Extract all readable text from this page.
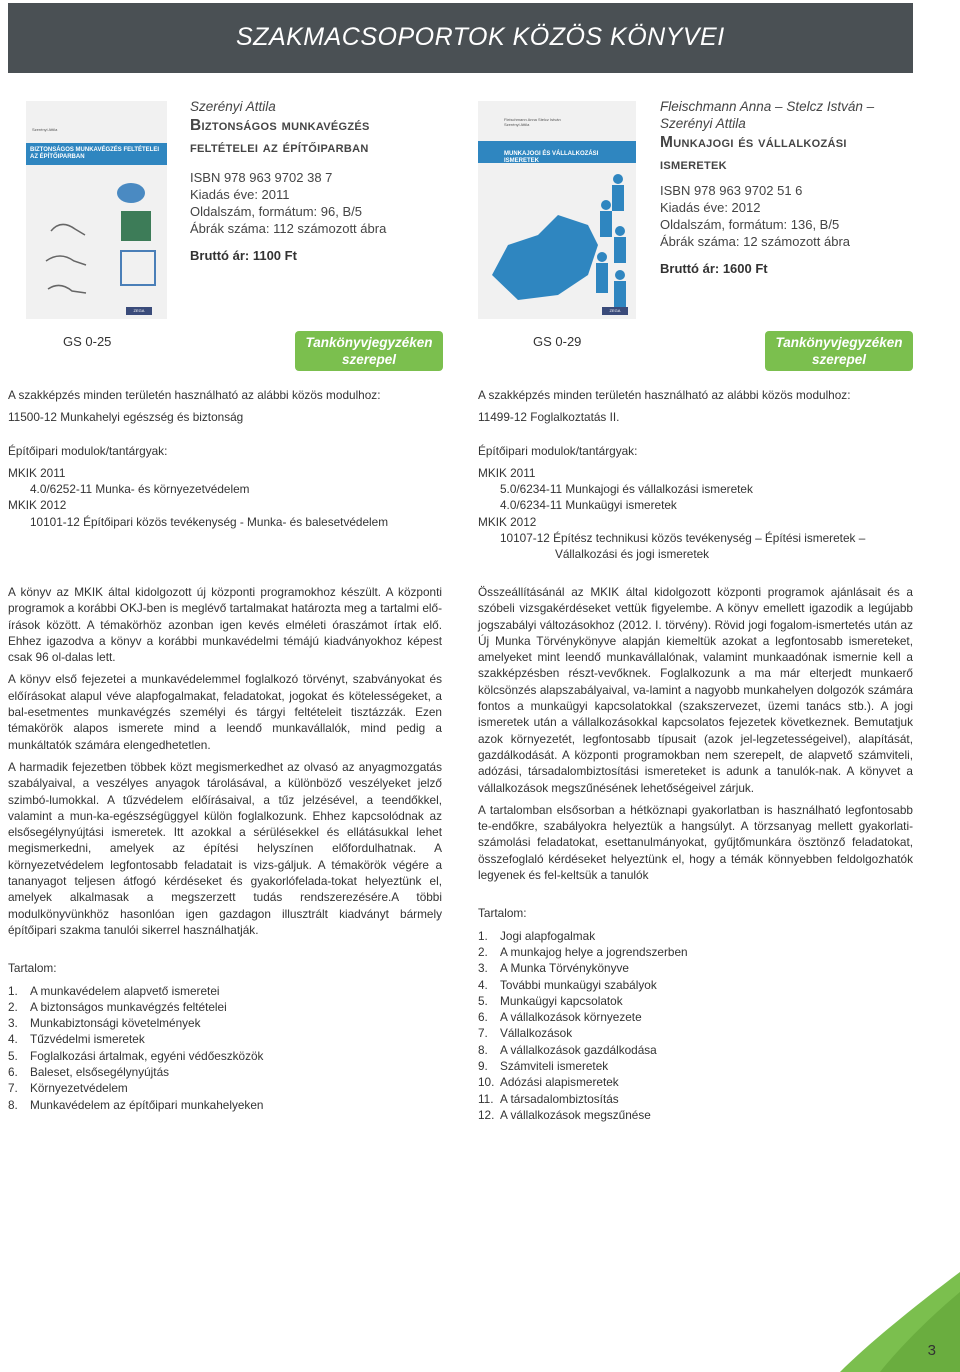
SZAKMACSOPORTOK KÖZÖS KÖNYVEI
Szerényi Attila
BIZTONSÁGOS MUNKAVÉGZÉS FELTÉTELEI AZ ÉPÍTŐIPARBAN
ZEGA
Szerényi Attila
Biztonságos munkavégzés
feltételei az építőiparban
ISBN 978 963 9702 38 7
Kiadás éve: 2011
Oldalszám, formátum: 96, B/5
Ábrák száma: 112 számozott ábra
Bruttó ár: 1100 Ft
Fleischmann Anna Stelcz István Szerényi Attila
MUNKAJOGI ÉS VÁLLALKOZÁSI ISMERETEK
ZEGA
Fleischmann Anna – Stelcz István –
Szerényi Attila
Munkajogi és vállalkozási
ismeretek
ISBN 978 963 9702 51 6
Kiadás éve: 2012
Oldalszám, formátum: 136, B/5
Ábrák száma: 12 számozott ábra
Bruttó ár: 1600 Ft
GS 0-25	Tankönyvjegyzéken
szerepel
GS 0-29	Tankönyvjegyzéken
szerepel

A szakképzés minden területén használható az alábbi közös modulhoz:

11500-12 Munkahelyi egészség és biztonság

Építőipari modulok/tantárgyak:

MKIK 2011

4.0/6252-11 Munka- és környezetvédelem

MKIK 2012

10101-12 Építőipari közös tevékenység - Munka- és balesetvédelem

A szakképzés minden területén használható az alábbi közös modulhoz:

11499-12 Foglalkoztatás II.

Építőipari modulok/tantárgyak:

MKIK 2011

5.0/6234-11 Munkajogi és vállalkozási ismeretek

4.0/6234-11 Munkaügyi ismeretek

MKIK 2012

10107-12 Építész technikusi közös tevékenység – Építési ismeretek –

Vállalkozási és jogi ismeretek

A könyv az MKIK által kidolgozott új központi programokhoz készült. A központi programok a korábbi OKJ-ben is meglévő tartalmakat határozta meg a tartalmi elő-írások között. A témakörhöz azonban igen kevés elméleti óraszámot írtak elő. Ehhez igazodva a könyv a korábbi munkavédelmi témájú kiadványokhoz képest csak 96 ol-dalas lett.

A könyv első fejezetei a munkavédelemmel foglalkozó törvényt, szabványokat és előírásokat alapul véve alapfogalmakat, feladatokat, jogokat és kötelességeket, a bal-esetmentes munkavégzés személyi és tárgyi feltételeit tisztázzák. Ezen témakörök alapos ismerete mind a leendő munkavállalók, mind pedig a munkáltatók számára elengedhetetlen.

A harmadik fejezetben többek közt megismerkedhet az olvasó az anyagmozgatás szabályaival, a veszélyes anyagok tárolásával, a különböző veszélyeket jelző szimbó-lumokkal. A tűzvédelem előírásaival, a tűz jelzésével, a teendőkkel, valamint a mun-ka-egészségüggyel külön foglalkozunk. Ehhez kapcsolódnak az elsősegélynyújtási ismeretek. Itt azokkal a sérülésekkel és ellátásukkal lehet megismerkedni, amelyek az építési helyszínen előfordulhatnak. A környezetvédelem legfontosabb feladatait is vizs-gáljuk. A témakörök végére a tananyagot teljesen átfogó kérdéseket és gyakorlófelada-tokat helyeztünk el, amelyek alkalmasak a megszerzett tudás rendszerezésére.A többi modulkönyvünkhöz hasonlóan igen gazdagon illusztrált kiadványt bármely építőipari szakma tanulói sikerrel használhatják.

Tartalom:

1. A munkavédelem alapvető ismeretei
2. A biztonságos munkavégzés feltételei
3. Munkabiztonsági követelmények
4. Tűzvédelmi ismeretek
5. Foglalkozási ártalmak, egyéni védőeszközök
6. Baleset, elsősegélynyújtás
7. Környezetvédelem
8. Munkavédelem az építőipari munkahelyeken

Összeállításánál az MKIK által kidolgozott központi programok ajánlásait és a szóbeli vizsgakérdéseket vettük figyelembe. A könyv emellett igazodik a legújabb jogszabályi változásokhoz (2012. I. törvény). Rövid jogi fogalom-ismertetés után az Új Munka Törvénykönyve alapján kiemeltük azokat a legfontosabb ismereteket, amelyeket mint leendő munkavállalónak, valamint munkaadónak ismernie kell a szakképzésben részt-vevőknek. Foglalkozunk a ma már elterjedt munkaerő kölcsönzés alapszabályaival, va-lamint a nagyobb munkahelyen dolgozók számára fontos a munkaügyi kapcsolatokkal (szakszervezet, üzemi tanács stb.). A jogi ismeretek után a vállalkozásokkal kapcsolatos fejezetek következnek. Bemutatjuk azok környezetét, legfontosabb típusait (azok jel-legzetességeivel), alapítását, gazdálkodását. A központi programokban nem szerepelt, de alapvető számviteli, adózási, társadalombiztosítási ismereteket is adunk a tanulók-nak. A könyvet a vállalkozások megszűnésének lehetőségeivel zárjuk.

A tartalomban elsősorban a hétköznapi gyakorlatban is használható legfontosabb te-endőkre, szabályokra helyeztük a hangsúlyt. A törzsanyag mellett gyakorlati-számolási feladatokat, esettanulmányokat, gyűjtőmunkára ösztönző feladatokat, összefoglaló kérdéseket helyeztünk el, hogy a témák könnyebben feldolgozhatók legyenek és fel-keltsük a tanulók

Tartalom:

1. Jogi alapfogalmak
2. A munkajog helye a jogrendszerben
3. A Munka Törvénykönyve
4. További munkaügyi szabályok
5. Munkaügyi kapcsolatok
6. A vállalkozások környezete
7. Vállalkozások
8. A vállalkozások gazdálkodása
9. Számviteli ismeretek
10. Adózási alapismeretek
11. A társadalombiztosítás
12. A vállalkozások megszűnése
3
